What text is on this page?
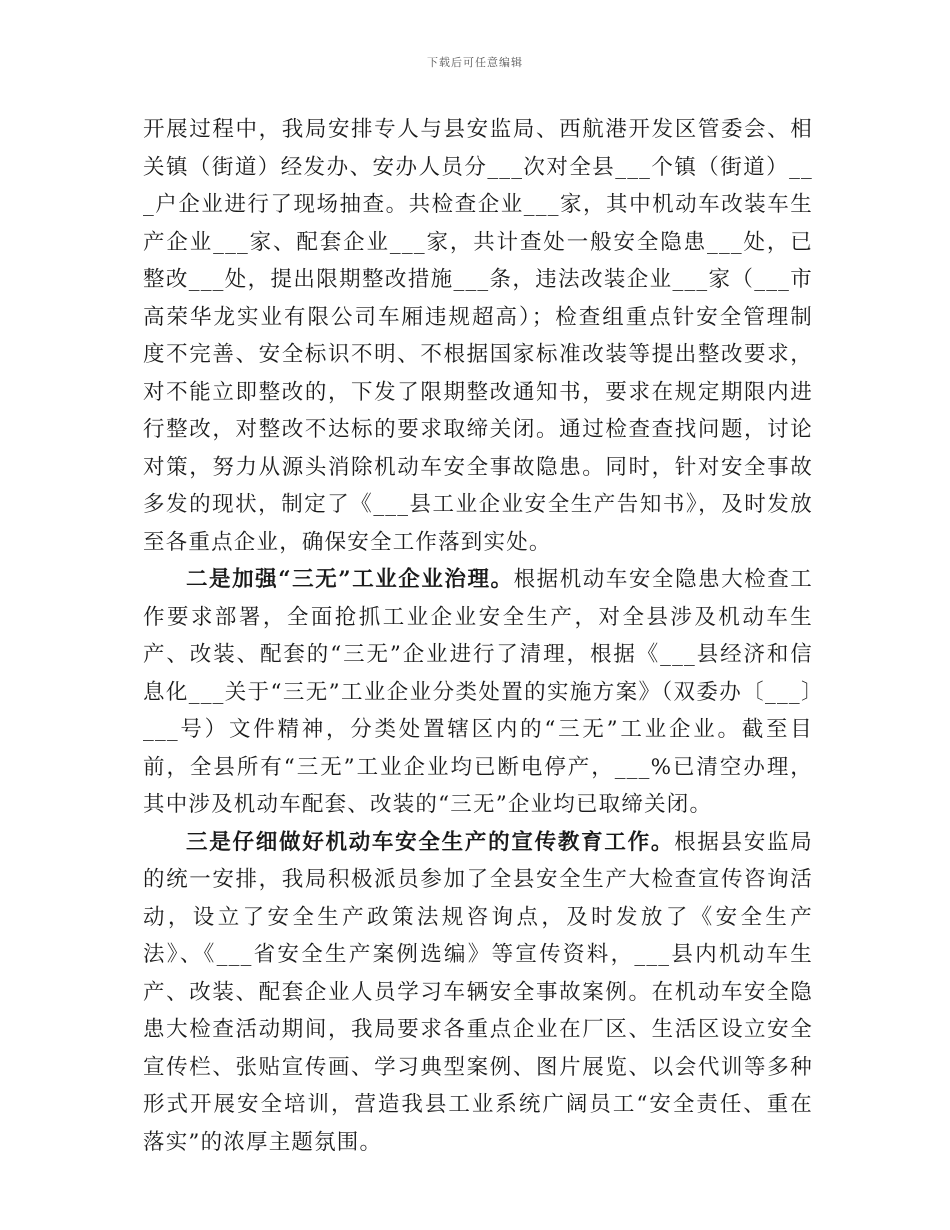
下载后可任意编辑

开展过程中，我局安排专人与县安监局、西航港开发区管委会、相关镇（街道）经发办、安办人员分___次对全县___个镇（街道）___户企业进行了现场抽查。共检查企业___家，其中机动车改装车生产企业___家、配套企业___家，共计查处一般安全隐患___处，已整改___处，提出限期整改措施___条，违法改装企业___家（___市高荣华龙实业有限公司车厢违规超高）；检查组重点针安全管理制度不完善、安全标识不明、不根据国家标准改装等提出整改要求，对不能立即整改的，下发了限期整改通知书，要求在规定期限内进行整改，对整改不达标的要求取缔关闭。通过检查查找问题，讨论对策，努力从源头消除机动车安全事故隐患。同时，针对安全事故多发的现状，制定了《___县工业企业安全生产告知书》，及时发放至各重点企业，确保安全工作落到实处。

二是加强“三无”工业企业治理。根据机动车安全隐患大检查工作要求部署，全面抢抓工业企业安全生产，对全县涉及机动车生产、改装、配套的“三无”企业进行了清理，根据《___县经济和信息化___关于“三无”工业企业分类处置的实施方案》（双委办〔___〕___号）文件精神，分类处置辖区内的“三无”工业企业。截至目前，全县所有“三无”工业企业均已断电停产，___%已清空办理，其中涉及机动车配套、改装的“三无”企业均已取缔关闭。

三是仔细做好机动车安全生产的宣传教育工作。根据县安监局的统一安排，我局积极派员参加了全县安全生产大检查宣传咨询活动，设立了安全生产政策法规咨询点，及时发放了《安全生产法》、《___省安全生产案例选编》等宣传资料，___县内机动车生产、改装、配套企业人员学习车辆安全事故案例。在机动车安全隐患大检查活动期间，我局要求各重点企业在厂区、生活区设立安全宣传栏、张贴宣传画、学习典型案例、图片展览、以会代训等多种形式开展安全培训，营造我县工业系统广阔员工“安全责任、重在落实”的浓厚主题氛围。
